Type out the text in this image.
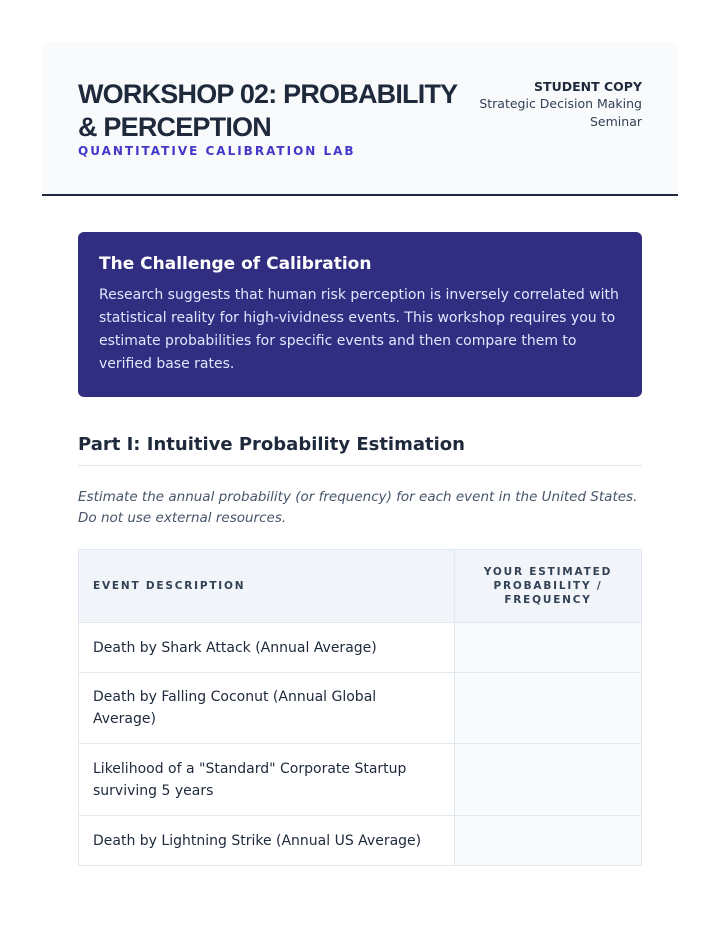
WORKSHOP 02: PROBABILITY & PERCEPTION
QUANTITATIVE CALIBRATION LAB
STUDENT COPY
Strategic Decision Making
Seminar
The Challenge of Calibration
Research suggests that human risk perception is inversely correlated with statistical reality for high-vividness events. This workshop requires you to estimate probabilities for specific events and then compare them to verified base rates.
Part I: Intuitive Probability Estimation
Estimate the annual probability (or frequency) for each event in the United States. Do not use external resources.
EVENT DESCRIPTION	YOUR ESTIMATED PROBABILITY / FREQUENCY
Death by Shark Attack (Annual Average)	
Death by Falling Coconut (Annual Global Average)	
Likelihood of a "Standard" Corporate Startup surviving 5 years	
Death by Lightning Strike (Annual US Average)	
